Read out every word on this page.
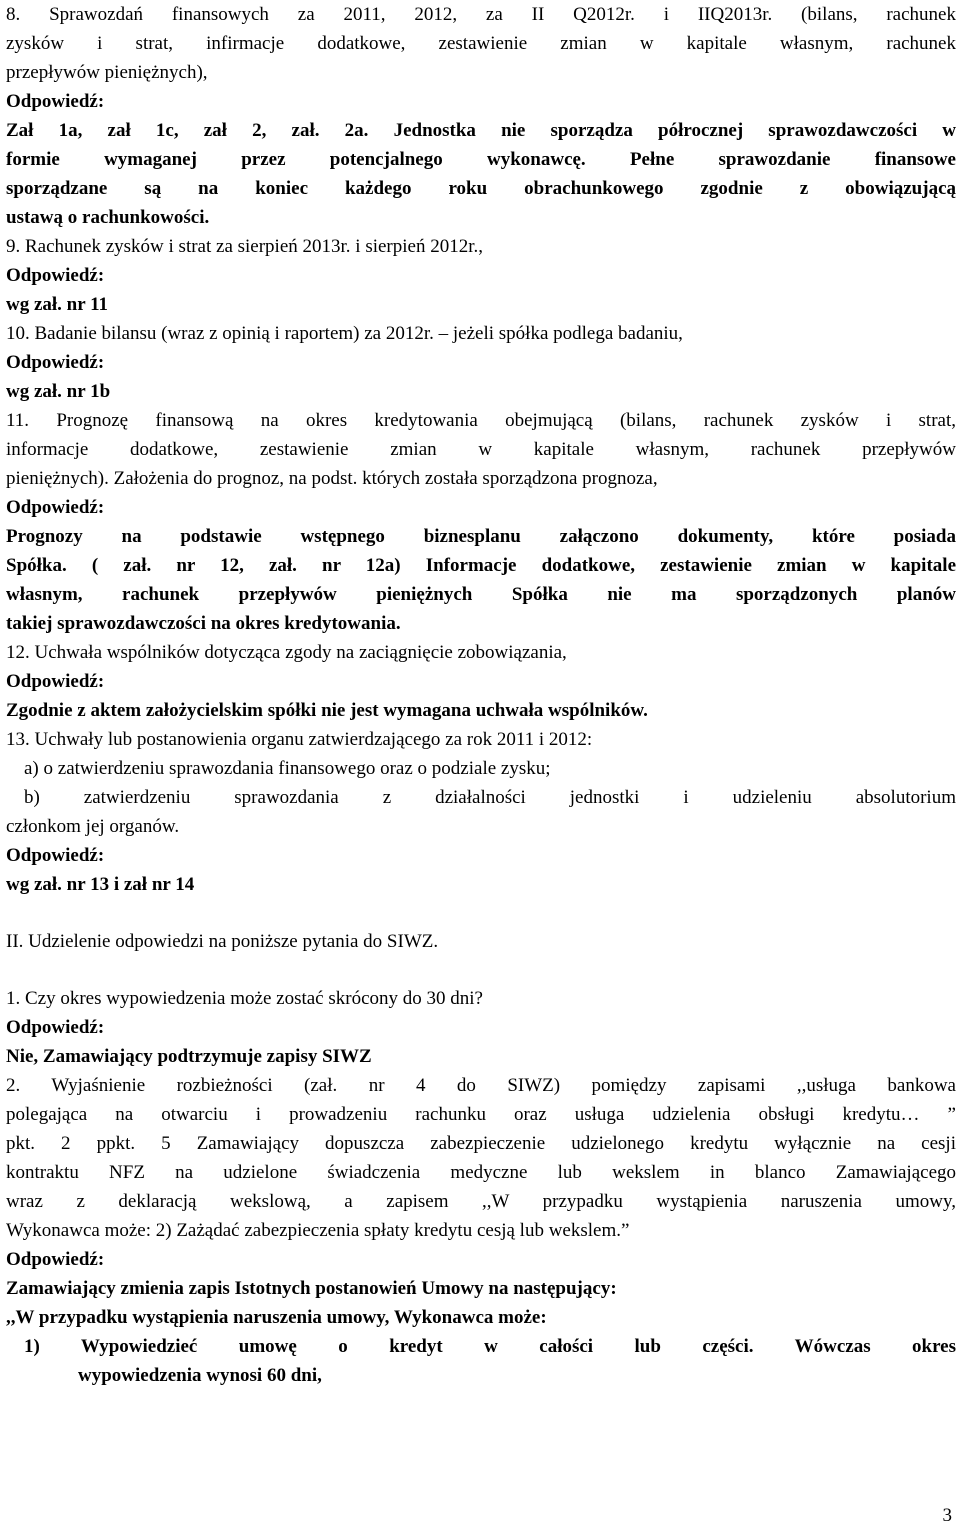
8. Sprawozdań finansowych za 2011, 2012, za II Q2012r. i IIQ2013r. (bilans, rachunek
zysków i strat, infirmacje dodatkowe, zestawienie zmian w kapitale własnym, rachunek
przepływów pieniężnych),
Odpowiedź:
Zał 1a, zał 1c, zał 2, zał. 2a. Jednostka nie sporządza półrocznej sprawozdawczości w
formie wymaganej przez potencjalnego wykonawcę. Pełne sprawozdanie finansowe
sporządzane są na koniec każdego roku obrachunkowego zgodnie z obowiązującą
ustawą o rachunkowości.
9. Rachunek zysków i strat za sierpień 2013r. i sierpień 2012r.,
Odpowiedź:
wg zał. nr 11
10. Badanie bilansu (wraz z opinią i raportem) za 2012r. – jeżeli spółka podlega badaniu,
Odpowiedź:
wg zał. nr 1b
11. Prognozę finansową na okres kredytowania obejmującą (bilans, rachunek zysków i strat,
informacje dodatkowe, zestawienie zmian w kapitale własnym, rachunek przepływów
pieniężnych). Założenia do prognoz, na podst. których została sporządzona prognoza,
Odpowiedź:
Prognozy na podstawie wstępnego biznesplanu załączono dokumenty, które posiada
Spółka. ( zał. nr 12, zał. nr 12a) Informacje dodatkowe, zestawienie zmian w kapitale
własnym, rachunek przepływów pieniężnych Spółka nie ma sporządzonych planów
takiej sprawozdawczości na okres kredytowania.
12. Uchwała wspólników dotycząca zgody na zaciągnięcie zobowiązania,
Odpowiedź:
Zgodnie z aktem założycielskim spółki nie jest wymagana uchwała wspólników.
13. Uchwały lub postanowienia organu zatwierdzającego za rok 2011 i 2012:
a) o zatwierdzeniu sprawozdania finansowego oraz o podziale zysku;
b) zatwierdzeniu sprawozdania z działalności jednostki i udzieleniu absolutorium
członkom jej organów.
Odpowiedź:
wg zał. nr 13 i zał nr 14
II. Udzielenie odpowiedzi na poniższe pytania do SIWZ.
1. Czy okres wypowiedzenia może zostać skrócony do 30 dni?
Odpowiedź:
Nie, Zamawiający podtrzymuje zapisy SIWZ
2. Wyjaśnienie rozbieżności (zał. nr 4 do SIWZ) pomiędzy zapisami ,,usługa bankowa
polegająca na otwarciu i prowadzeniu rachunku oraz usługa udzielenia obsługi kredytu… ”
pkt. 2 ppkt. 5 Zamawiający dopuszcza zabezpieczenie udzielonego kredytu wyłącznie na cesji
kontraktu NFZ na udzielone świadczenia medyczne lub wekslem in blanco Zamawiającego
wraz z deklaracją wekslową, a zapisem ,,W przypadku wystąpienia naruszenia umowy,
Wykonawca może: 2) Zażądać zabezpieczenia spłaty kredytu cesją lub wekslem.”
Odpowiedź:
Zamawiający zmienia zapis Istotnych postanowień Umowy na następujący:
,,W przypadku wystąpienia naruszenia umowy, Wykonawca może:
1) Wypowiedzieć umowę o kredyt w całości lub części. Wówczas okres
wypowiedzenia wynosi 60 dni,
3
